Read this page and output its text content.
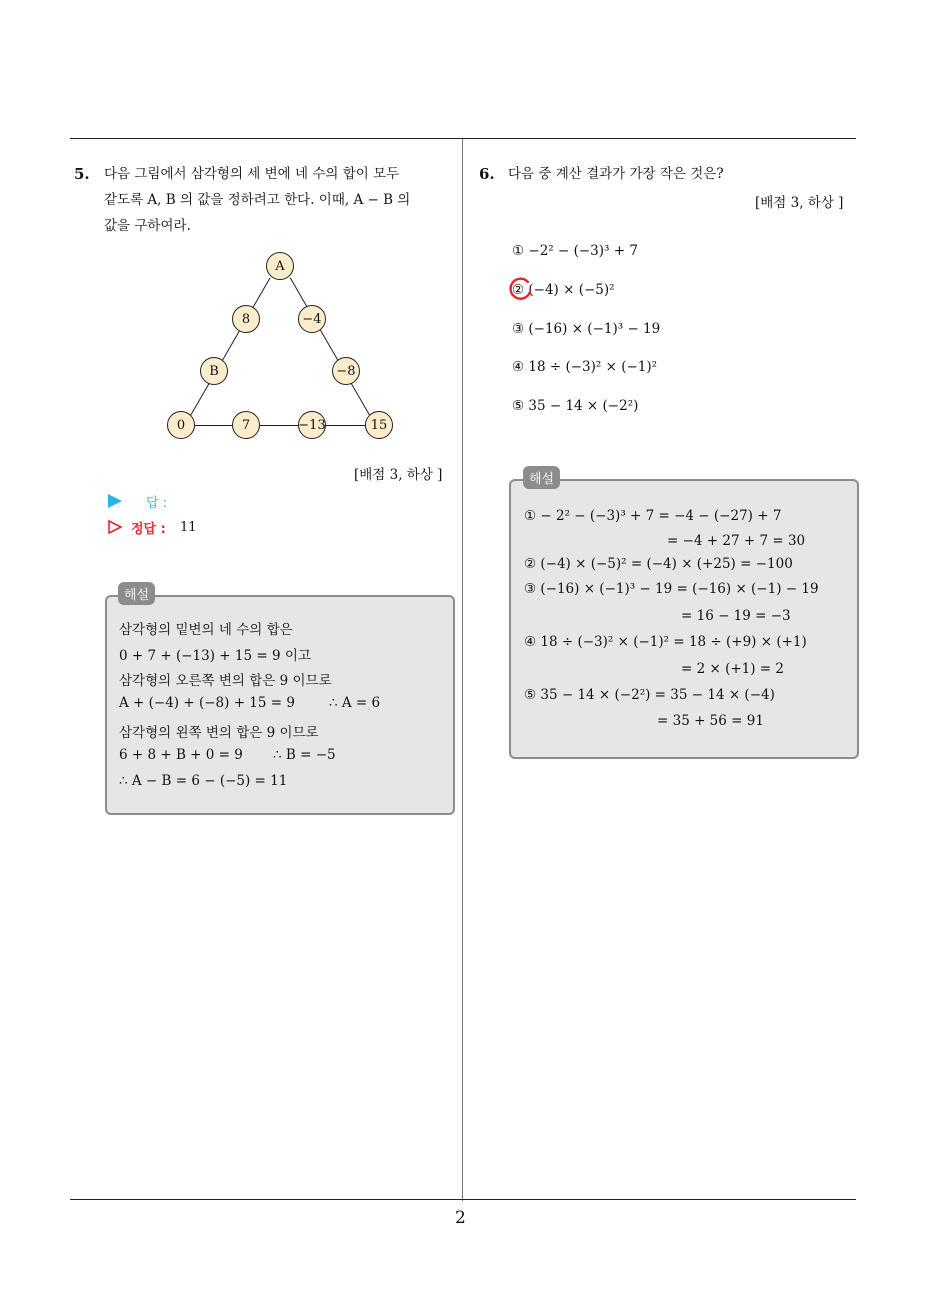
2
5. 다음 그림에서 삼각형의 세 변에 네 수의 합이 모두
같도록 A, B 의 값을 정하려고 한다. 이때, A − B 의
값을 구하여라.
A
8	−4
B	−8
0	7	−13	15
[배점 3, 하상 ]
답 :
정답 : 11
삼각형의 밑변의 네 수의 합은
0 + 7 + (−13) + 15 = 9 이고
삼각형의 오른쪽 변의 합은 9 이므로
A + (−4) + (−8) + 15 = 9	∴ A = 6
삼각형의 왼쪽 변의 합은 9 이므로
6 + 8 + B + 0 = 9 ∴ B = −5
∴ A − B = 6 − (−5) = 11
해설
6. 다음 중 계산 결과가 가장 작은 것은?
[배점 3, 하상 ]
① −2² − (−3)³ + 7
② (−4) × (−5)²
③ (−16) × (−1)³ − 19
④ 18 ÷ (−3)² × (−1)²
⑤ 35 − 14 × (−2²)
① − 2² − (−3)³ + 7 = −4 − (−27) + 7
= −4 + 27 + 7 = 30
② (−4) × (−5)² = (−4) × (+25) = −100
③ (−16) × (−1)³ − 19 = (−16) × (−1) − 19
= 16 − 19 = −3
④ 18 ÷ (−3)² × (−1)² = 18 ÷ (+9) × (+1)
= 2 × (+1) = 2
⑤ 35 − 14 × (−2²) = 35 − 14 × (−4)
= 35 + 56 = 91
해설
